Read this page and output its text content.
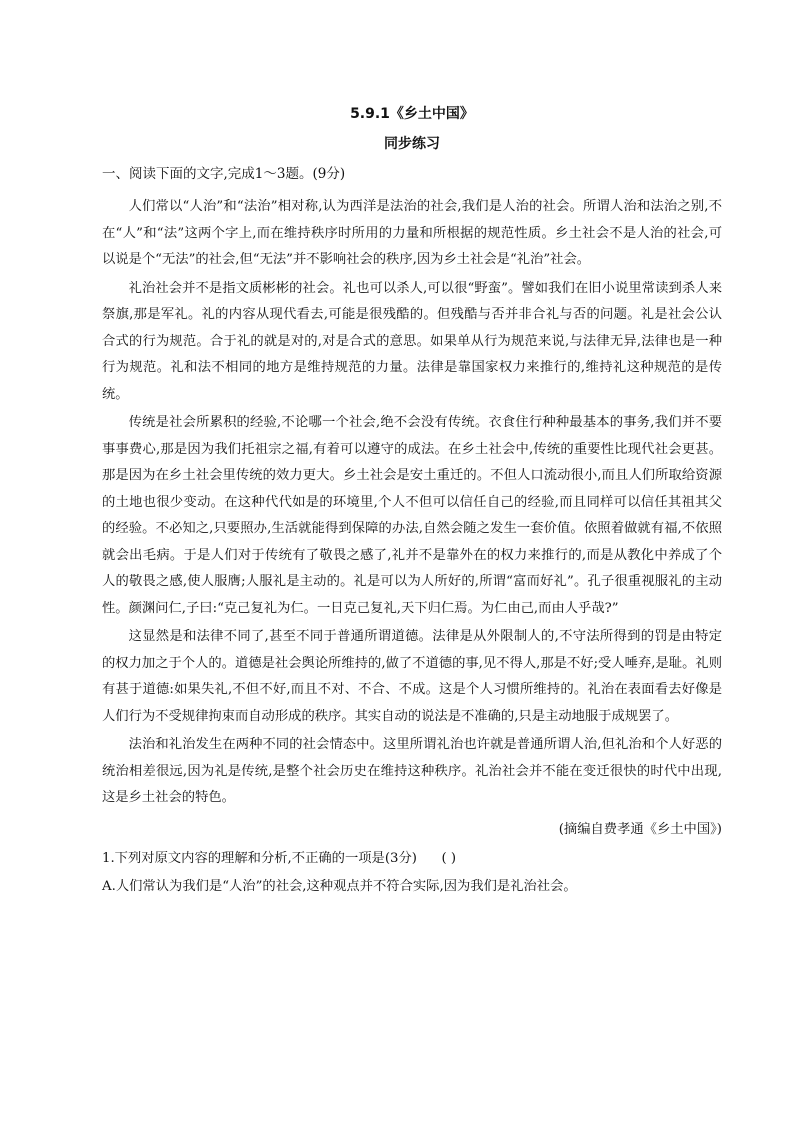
5.9.1《乡土中国》
同步练习

一、阅读下面的文字,完成1～3题。(9分)

人们常以“人治”和“法治”相对称,认为西洋是法治的社会,我们是人治的社会。所谓人治和法治之别,不在“人”和“法”这两个字上,而在维持秩序时所用的力量和所根据的规范性质。乡土社会不是人治的社会,可以说是个“无法”的社会,但“无法”并不影响社会的秩序,因为乡土社会是“礼治”社会。

礼治社会并不是指文质彬彬的社会。礼也可以杀人,可以很“野蛮”。譬如我们在旧小说里常读到杀人来祭旗,那是军礼。礼的内容从现代看去,可能是很残酷的。但残酷与否并非合礼与否的问题。礼是社会公认合式的行为规范。合于礼的就是对的,对是合式的意思。如果单从行为规范来说,与法律无异,法律也是一种行为规范。礼和法不相同的地方是维持规范的力量。法律是靠国家权力来推行的,维持礼这种规范的是传统。

传统是社会所累积的经验,不论哪一个社会,绝不会没有传统。衣食住行种种最基本的事务,我们并不要事事费心,那是因为我们托祖宗之福,有着可以遵守的成法。在乡土社会中,传统的重要性比现代社会更甚。那是因为在乡土社会里传统的效力更大。乡土社会是安土重迁的。不但人口流动很小,而且人们所取给资源的土地也很少变动。在这种代代如是的环境里,个人不但可以信任自己的经验,而且同样可以信任其祖其父的经验。不必知之,只要照办,生活就能得到保障的办法,自然会随之发生一套价值。依照着做就有福,不依照就会出毛病。于是人们对于传统有了敬畏之感了,礼并不是靠外在的权力来推行的,而是从教化中养成了个人的敬畏之感,使人服膺;人服礼是主动的。礼是可以为人所好的,所谓“富而好礼”。孔子很重视服礼的主动性。颜渊问仁,子曰:“克己复礼为仁。一日克己复礼,天下归仁焉。为仁由己,而由人乎哉?”

这显然是和法律不同了,甚至不同于普通所谓道德。法律是从外限制人的,不守法所得到的罚是由特定的权力加之于个人的。道德是社会舆论所维持的,做了不道德的事,见不得人,那是不好;受人唾弃,是耻。礼则有甚于道德:如果失礼,不但不好,而且不对、不合、不成。这是个人习惯所维持的。礼治在表面看去好像是人们行为不受规律拘束而自动形成的秩序。其实自动的说法是不准确的,只是主动地服于成规罢了。

法治和礼治发生在两种不同的社会情态中。这里所谓礼治也许就是普通所谓人治,但礼治和个人好恶的统治相差很远,因为礼是传统,是整个社会历史在维持这种秩序。礼治社会并不能在变迁很快的时代中出现,这是乡土社会的特色。

(摘编自费孝通《乡土中国》)

1.下列对原文内容的理解和分析,不正确的一项是(3分) ( )

A.人们常认为我们是“人治”的社会,这种观点并不符合实际,因为我们是礼治社会。
